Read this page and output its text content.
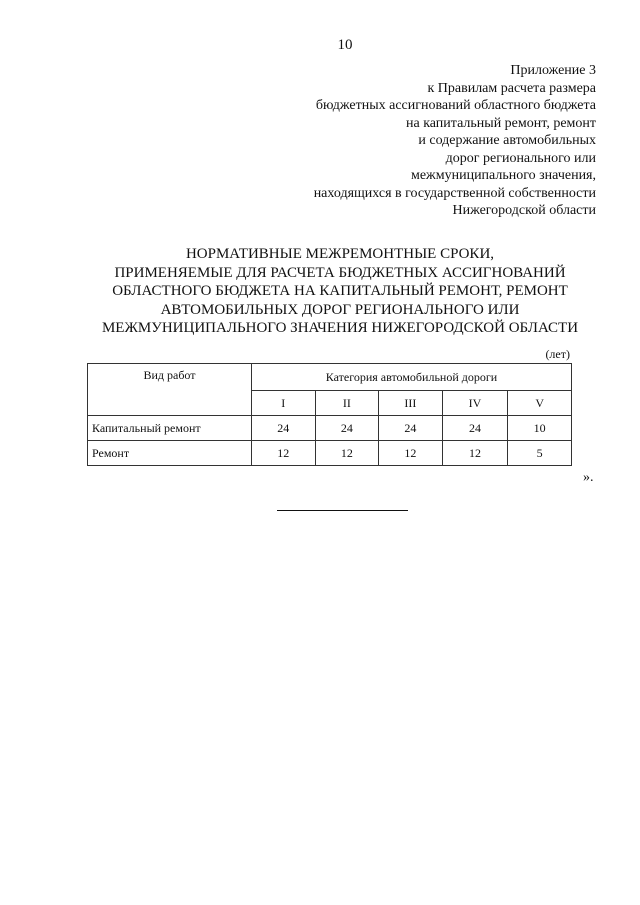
10
Приложение 3
к Правилам расчета размера
бюджетных ассигнований областного бюджета
на капитальный ремонт, ремонт
и содержание автомобильных
дорог регионального или
межмуниципального значения,
находящихся в государственной собственности
Нижегородской области
НОРМАТИВНЫЕ МЕЖРЕМОНТНЫЕ СРОКИ,
ПРИМЕНЯЕМЫЕ ДЛЯ РАСЧЕТА БЮДЖЕТНЫХ АССИГНОВАНИЙ
ОБЛАСТНОГО БЮДЖЕТА НА КАПИТАЛЬНЫЙ РЕМОНТ, РЕМОНТ
АВТОМОБИЛЬНЫХ ДОРОГ РЕГИОНАЛЬНОГО ИЛИ
МЕЖМУНИЦИПАЛЬНОГО ЗНАЧЕНИЯ НИЖЕГОРОДСКОЙ ОБЛАСТИ
(лет)
Вид работ	Категория автомобильной дороги				
	I	II	III	IV	V
Капитальный ремонт	24	24	24	24	10
Ремонт	12	12	12	12	5
».
